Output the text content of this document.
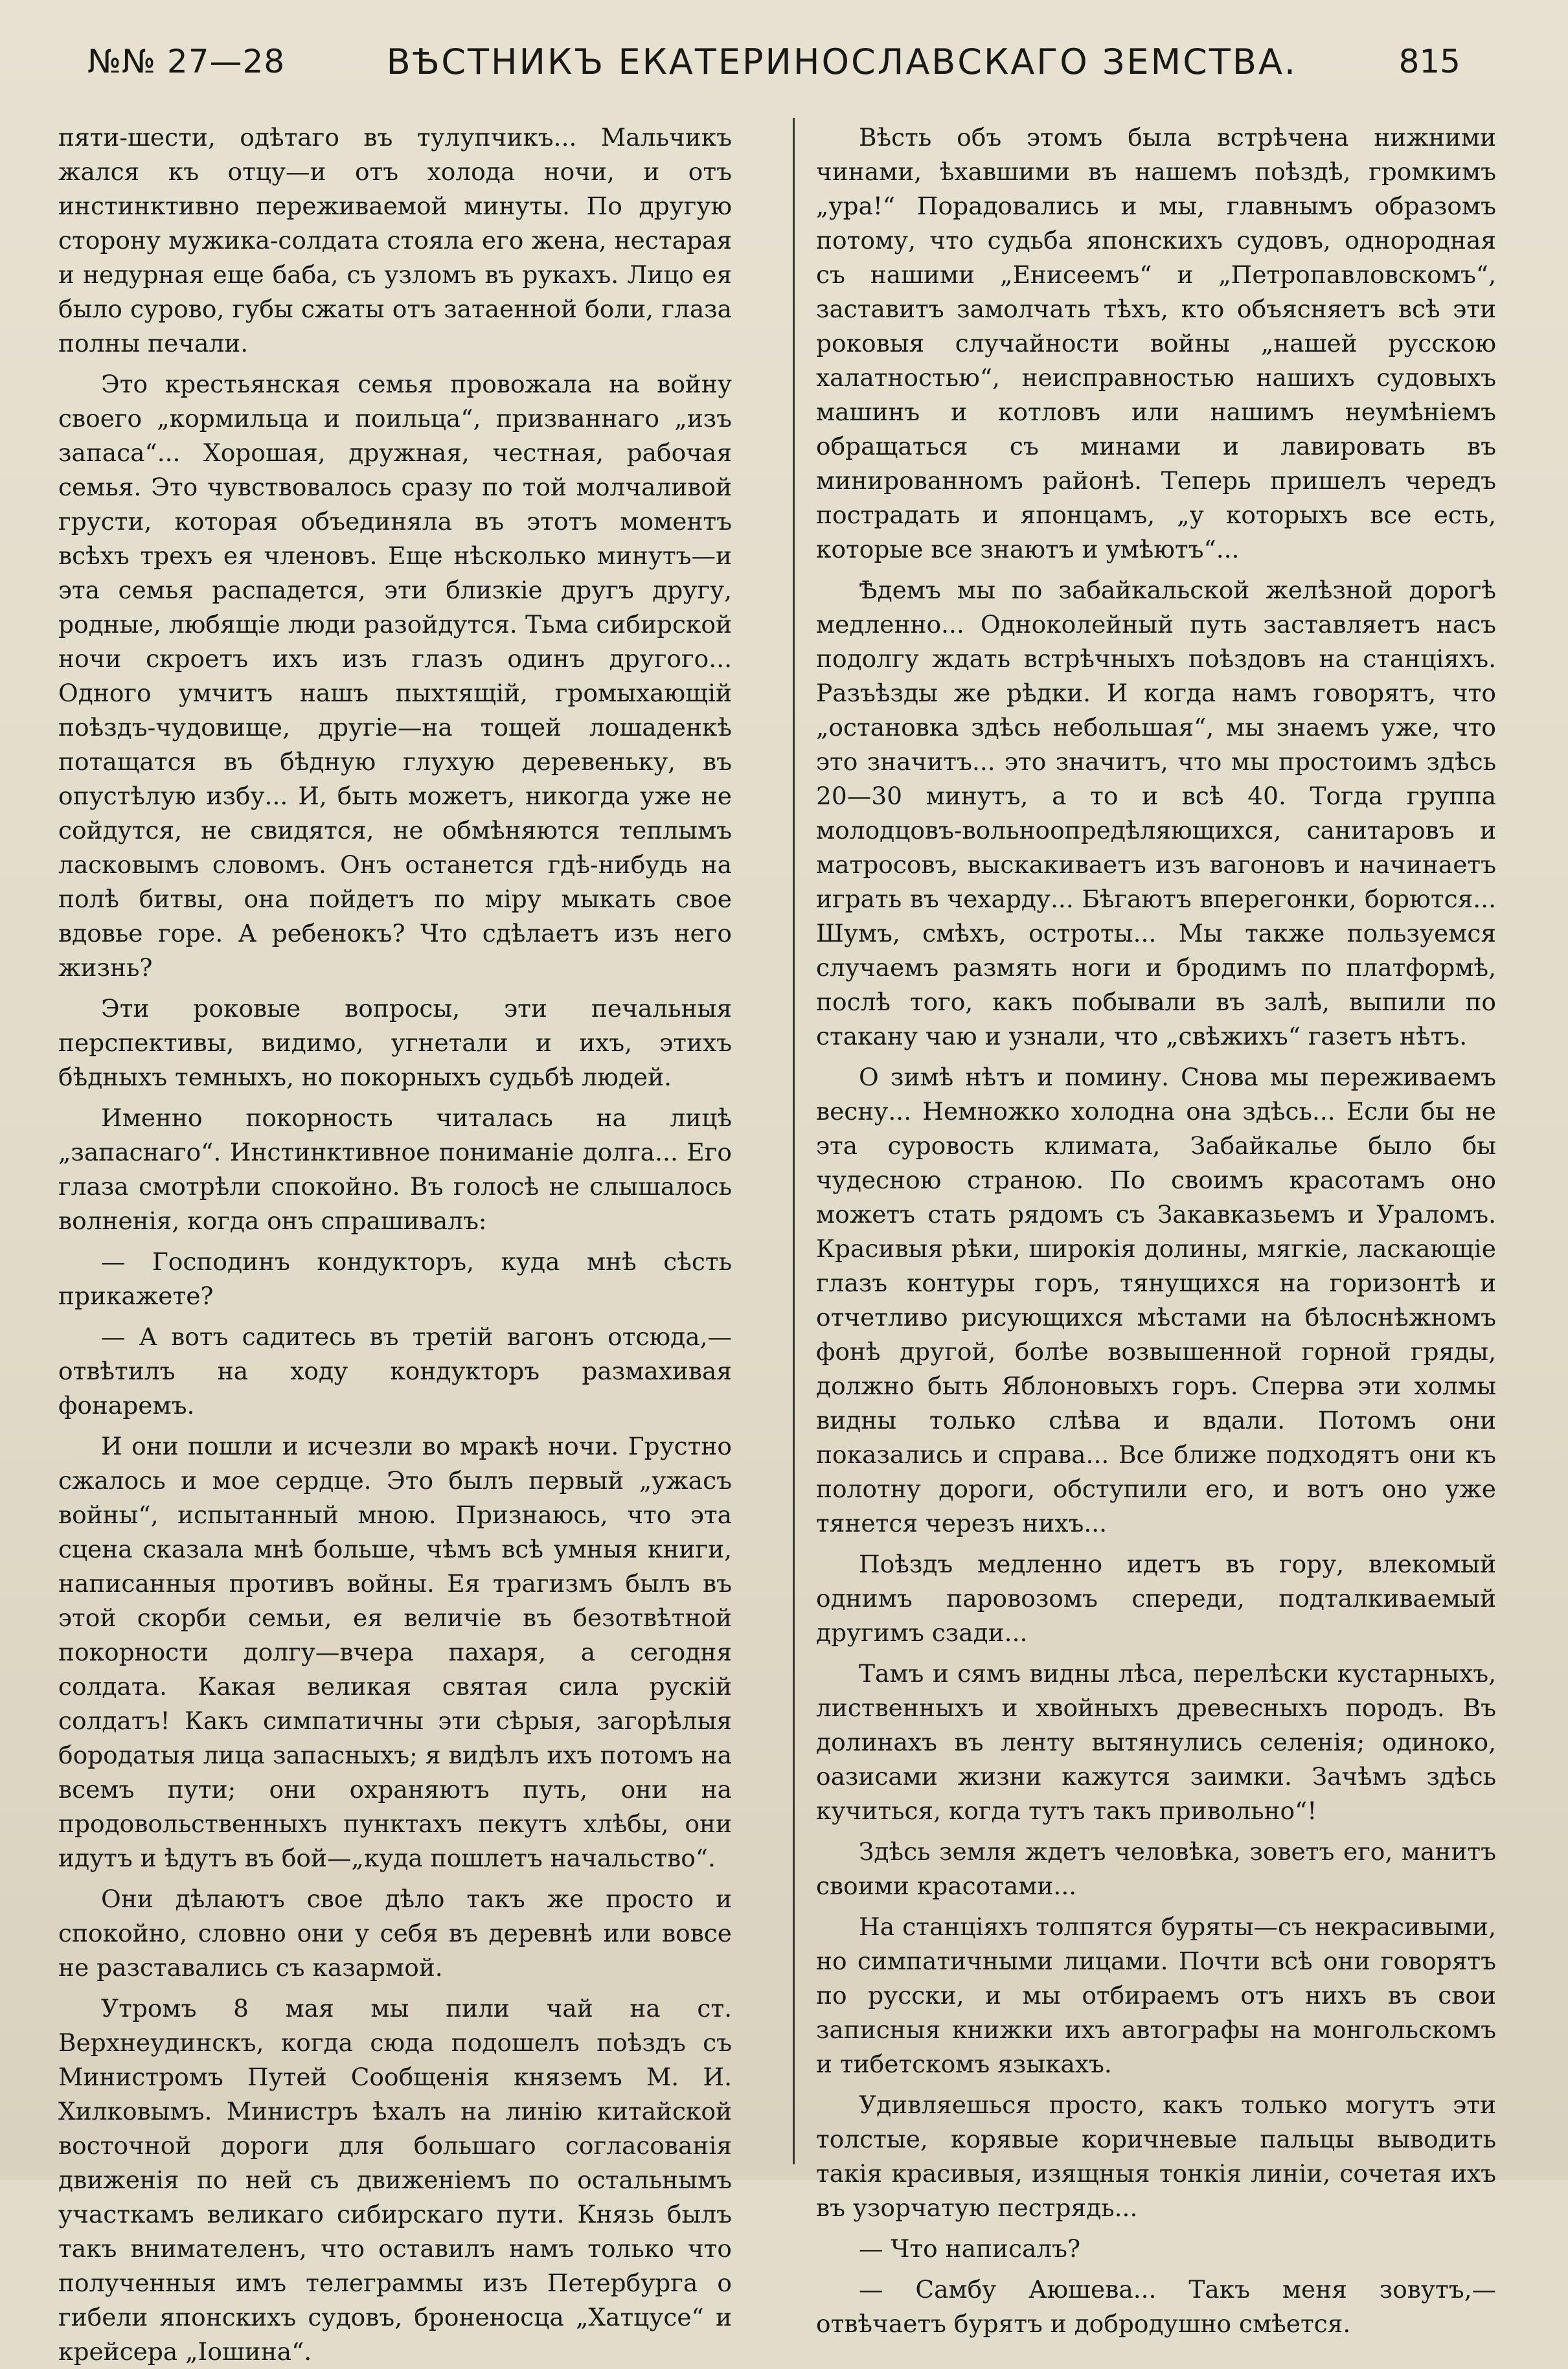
№№ 27—28	ВѢСТНИКЪ ЕКАТЕРИНОСЛАВСКАГО ЗЕМСТВА.	815

пяти-шести, одѣтаго въ тулупчикъ... Мальчикъ жался къ отцу—и отъ холода ночи, и отъ инстинктивно переживаемой минуты. По другую сторону мужика-солдата стояла его жена, нестарая и недурная еще баба, съ узломъ въ рукахъ. Лицо ея было сурово, губы сжаты отъ затаенной боли, глаза полны печали.

Это крестьянская семья провожала на войну своего „кормильца и поильца“, призваннаго „изъ запаса“... Хорошая, дружная, честная, рабочая семья. Это чувствовалось сразу по той молчаливой грусти, которая объединяла въ этотъ моментъ всѣхъ трехъ ея членовъ. Еще нѣсколько минутъ—и эта семья распадется, эти близкіе другъ другу, родные, любящіе люди разойдутся. Тьма сибирской ночи скроетъ ихъ изъ глазъ одинъ другого... Одного умчитъ нашъ пыхтящій, громыхающій поѣздъ-чудовище, другіе—на тощей лошаденкѣ потащатся въ бѣдную глухую деревеньку, въ опустѣлую избу... И, быть можетъ, никогда уже не сойдутся, не свидятся, не обмѣняются теплымъ ласковымъ словомъ. Онъ останется гдѣ-нибудь на полѣ битвы, она пойдетъ по міру мыкать свое вдовье горе. А ребенокъ? Что сдѣлаетъ изъ него жизнь?

Эти роковые вопросы, эти печальныя перспективы, видимо, угнетали и ихъ, этихъ бѣдныхъ темныхъ, но покорныхъ судьбѣ людей.

Именно покорность читалась на лицѣ „запаснаго“. Инстинктивное пониманіе долга... Его глаза смотрѣли спокойно. Въ голосѣ не слышалось волненія, когда онъ спрашивалъ:

— Господинъ кондукторъ, куда мнѣ сѣсть прикажете?

— А вотъ садитесь въ третій вагонъ отсюда,—отвѣтилъ на ходу кондукторъ размахивая фонаремъ.

И они пошли и исчезли во мракѣ ночи. Грустно сжалось и мое сердце. Это былъ первый „ужасъ войны“, испытанный мною. Признаюсь, что эта сцена сказала мнѣ больше, чѣмъ всѣ умныя книги, написанныя противъ войны. Ея трагизмъ былъ въ этой скорби семьи, ея величіе въ безотвѣтной покорности долгу—вчера пахаря, а сегодня солдата. Какая великая святая сила рускій солдатъ! Какъ симпатичны эти сѣрыя, загорѣлыя бородатыя лица запасныхъ; я видѣлъ ихъ потомъ на всемъ пути; они охраняютъ путь, они на продовольственныхъ пунктахъ пекутъ хлѣбы, они идутъ и ѣдутъ въ бой—„куда пошлетъ начальство“.

Они дѣлаютъ свое дѣло такъ же просто и спокойно, словно они у себя въ деревнѣ или вовсе не разставались съ казармой.

Утромъ 8 мая мы пили чай на ст. Верхнеудинскъ, когда сюда подошелъ поѣздъ съ Министромъ Путей Сообщенія княземъ М. И. Хилковымъ. Министръ ѣхалъ на линію китайской восточной дороги для большаго согласованія движенія по ней съ движеніемъ по остальнымъ участкамъ великаго сибирскаго пути. Князь былъ такъ внимателенъ, что оставилъ намъ только что полученныя имъ телеграммы изъ Петербурга о гибели японскихъ судовъ, броненосца „Хатцусе“ и крейсера „Іошина“.

Вѣсть объ этомъ была встрѣчена нижними чинами, ѣхавшими въ нашемъ поѣздѣ, громкимъ „ура!“ Порадовались и мы, главнымъ образомъ потому, что судьба японскихъ судовъ, однородная съ нашими „Енисеемъ“ и „Петропавловскомъ“, заставитъ замолчать тѣхъ, кто объясняетъ всѣ эти роковыя случайности войны „нашей русскою халатностью“, неисправностью нашихъ судовыхъ машинъ и котловъ или нашимъ неумѣніемъ обращаться съ минами и лавировать въ минированномъ районѣ. Теперь пришелъ чередъ пострадать и японцамъ, „у которыхъ все есть, которые все знаютъ и умѣютъ“...

Ѣдемъ мы по забайкальской желѣзной дорогѣ медленно... Одноколейный путь заставляетъ насъ подолгу ждать встрѣчныхъ поѣздовъ на станціяхъ. Разъѣзды же рѣдки. И когда намъ говорятъ, что „остановка здѣсь небольшая“, мы знаемъ уже, что это значитъ... это значитъ, что мы простоимъ здѣсь 20—30 минутъ, а то и всѣ 40. Тогда группа молодцовъ-вольноопредѣляющихся, санитаровъ и матросовъ, выскакиваетъ изъ вагоновъ и начинаетъ играть въ чехарду... Бѣгаютъ вперегонки, борются... Шумъ, смѣхъ, остроты... Мы также пользуемся случаемъ размять ноги и бродимъ по платформѣ, послѣ того, какъ побывали въ залѣ, выпили по стакану чаю и узнали, что „свѣжихъ“ газетъ нѣтъ.

О зимѣ нѣтъ и помину. Снова мы переживаемъ весну... Немножко холодна она здѣсь... Если бы не эта суровость климата, Забайкалье было бы чудесною страною. По своимъ красотамъ оно можетъ стать рядомъ съ Закавказьемъ и Ураломъ. Красивыя рѣки, широкія долины, мягкіе, ласкающіе глазъ контуры горъ, тянущихся на горизонтѣ и отчетливо рисующихся мѣстами на бѣлоснѣжномъ фонѣ другой, болѣе возвышенной горной гряды, должно быть Яблоновыхъ горъ. Сперва эти холмы видны только слѣва и вдали. Потомъ они показались и справа... Все ближе подходятъ они къ полотну дороги, обступили его, и вотъ оно уже тянется черезъ нихъ...

Поѣздъ медленно идетъ въ гору, влекомый однимъ паровозомъ спереди, подталкиваемый другимъ сзади...

Тамъ и сямъ видны лѣса, перелѣски кустарныхъ, лиственныхъ и хвойныхъ древесныхъ породъ. Въ долинахъ въ ленту вытянулись селенія; одиноко, оазисами жизни кажутся заимки. Зачѣмъ здѣсь кучиться, когда тутъ такъ привольно“!

Здѣсь земля ждетъ человѣка, зоветъ его, манитъ своими красотами...

На станціяхъ толпятся буряты—съ некрасивыми, но симпатичными лицами. Почти всѣ они говорятъ по русски, и мы отбираемъ отъ нихъ въ свои записныя книжки ихъ автографы на монгольскомъ и тибетскомъ языкахъ.

Удивляешься просто, какъ только могутъ эти толстые, корявые коричневые пальцы выводить такія красивыя, изящныя тонкія линіи, сочетая ихъ въ узорчатую пестрядь...

— Что написалъ?

— Самбу Аюшева... Такъ меня зовутъ,—отвѣчаетъ бурятъ и добродушно смѣется.
